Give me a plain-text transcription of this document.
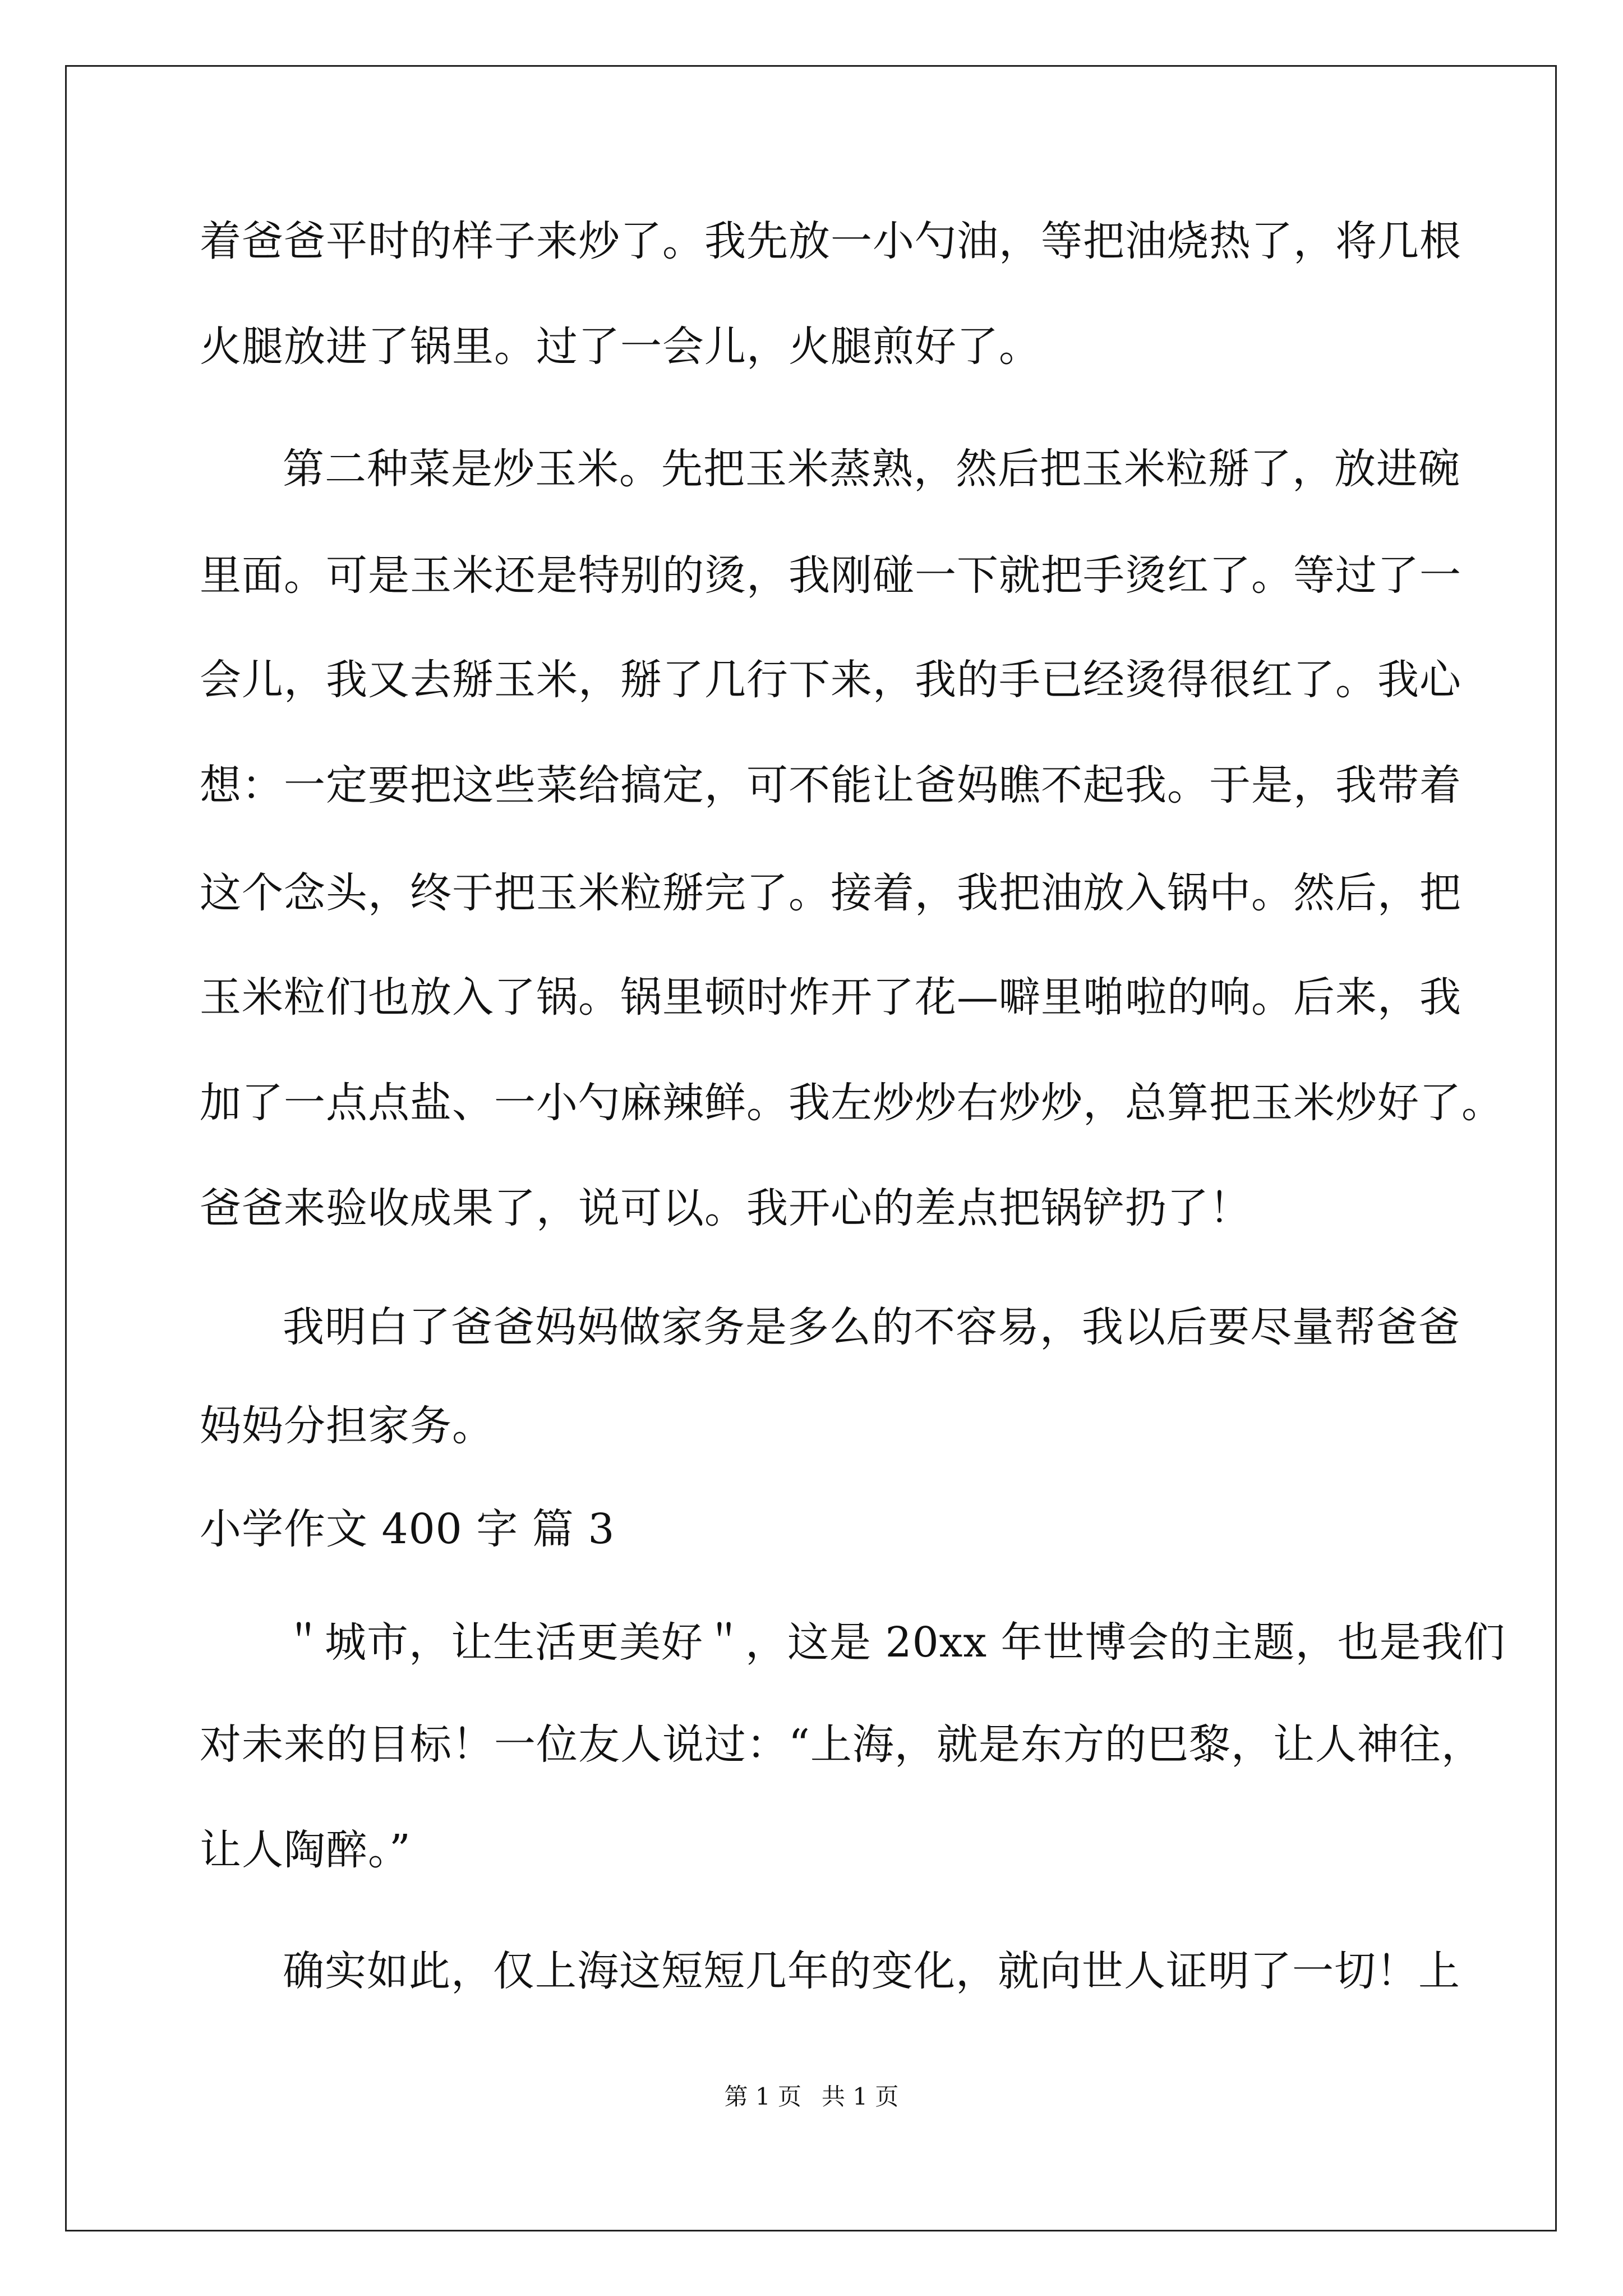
着爸爸平时的样子来炒了。我先放一小勺油，等把油烧热了，将几根
火腿放进了锅里。过了一会儿，火腿煎好了。
第二种菜是炒玉米。先把玉米蒸熟，然后把玉米粒掰了，放进碗
里面。可是玉米还是特别的烫，我刚碰一下就把手烫红了。等过了一
会儿，我又去掰玉米，掰了几行下来，我的手已经烫得很红了。我心
想：一定要把这些菜给搞定，可不能让爸妈瞧不起我。于是，我带着
这个念头，终于把玉米粒掰完了。接着，我把油放入锅中。然后，把
玉米粒们也放入了锅。锅里顿时炸开了花—噼里啪啦的响。后来，我
加了一点点盐、一小勺麻辣鲜。我左炒炒右炒炒，总算把玉米炒好了。
爸爸来验收成果了，说可以。我开心的差点把锅铲扔了！
我明白了爸爸妈妈做家务是多么的不容易，我以后要尽量帮爸爸
妈妈分担家务。
小学作文 400 字 篇 3
＂城市，让生活更美好＂，这是 20xx 年世博会的主题，也是我们
对未来的目标！一位友人说过：“上海，就是东方的巴黎，让人神往，
让人陶醉。”
确实如此，仅上海这短短几年的变化，就向世人证明了一切！上
第 1 页 共 1 页
